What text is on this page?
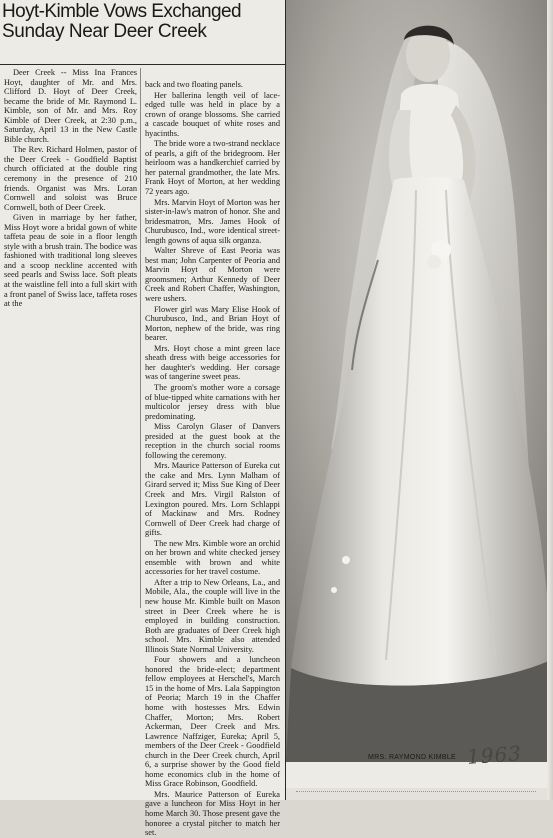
Hoyt-Kimble Vows Exchanged
Sunday Near Deer Creek

Deer Creek -- Miss Ina Frances Hoyt, daughter of Mr. and Mrs. Clifford D. Hoyt of Deer Creek, became the bride of Mr. Raymond L. Kimble, son of Mr. and Mrs. Roy Kimble of Deer Creek, at 2:30 p.m., Saturday, April 13 in the New Castle Bible church.

The Rev. Richard Holmen, pastor of the Deer Creek - Goodfield Baptist church officiated at the double ring ceremony in the presence of 210 friends. Organist was Mrs. Loran Cornwell and soloist was Bruce Cornwell, both of Deer Creek.

Given in marriage by her father, Miss Hoyt wore a bridal gown of white taffeta peau de soie in a floor length style with a brush train. The bodice was fashioned with traditional long sleeves and a scoop neckline accented with seed pearls and Swiss lace. Soft pleats at the waistline fell into a full skirt with a front panel of Swiss lace, taffeta roses at the

back and two floating panels.

Her ballerina length veil of lace-edged tulle was held in place by a crown of orange blossoms. She carried a cascade bouquet of white roses and hyacinths.

The bride wore a two-strand necklace of pearls, a gift of the bridegroom. Her heirloom was a handkerchief carried by her paternal grandmother, the late Mrs. Frank Hoyt of Morton, at her wedding 72 years ago.

Mrs. Marvin Hoyt of Morton was her sister-in-law's matron of honor. She and bridesmatron, Mrs. James Hook of Churubusco, Ind., wore identical street-length gowns of aqua silk organza.

Walter Shreve of East Peoria was best man; John Carpenter of Peoria and Marvin Hoyt of Morton were groomsmen; Arthur Kennedy of Deer Creek and Robert Chaffer, Washington, were ushers.

Flower girl was Mary Elise Hook of Churubusco, Ind., and Brian Hoyt of Morton, nephew of the bride, was ring bearer.

Mrs. Hoyt chose a mint green lace sheath dress with beige accessories for her daughter's wedding. Her corsage was of tangerine sweet peas.

The groom's mother wore a corsage of blue-tipped white carnations with her multicolor jersey dress with blue predominating.

Miss Carolyn Glaser of Danvers presided at the guest book at the reception in the church social rooms following the ceremony.

Mrs. Maurice Patterson of Eureka cut the cake and Mrs. Lynn Malham of Girard served it; Miss Sue King of Deer Creek and Mrs. Virgil Ralston of Lexington poured. Mrs. Lorn Schlappi of Mackinaw and Mrs. Rodney Cornwell of Deer Creek had charge of gifts.

The new Mrs. Kimble wore an orchid on her brown and white checked jersey ensemble with brown and white accessories for her travel costume.

After a trip to New Orleans, La., and Mobile, Ala., the couple will live in the new house Mr. Kimble built on Mason street in Deer Creek where he is employed in building construction. Both are graduates of Deer Creek high school. Mrs. Kimble also attended Illinois State Normal University.

Four showers and a luncheon honored the bride-elect; department fellow employees at Herschel's, March 15 in the home of Mrs. Lala Sappington of Peoria; March 19 in the Chaffer home with hostesses Mrs. Edwin Chaffer, Morton; Mrs. Robert Ackerman, Deer Creek and Mrs. Lawrence Naffziger, Eureka; April 5, members of the Deer Creek - Goodfield church in the Deer Creek church, April 6, a surprise shower by the Good field home economics club in the home of Miss Grace Robinson, Goodfield.

Mrs. Maurice Patterson of Eureka gave a luncheon for Miss Hoyt in her home March 30. Those present gave the honoree a crystal pitcher to match her set.

MRS. RAYMOND KIMBLE 1963
